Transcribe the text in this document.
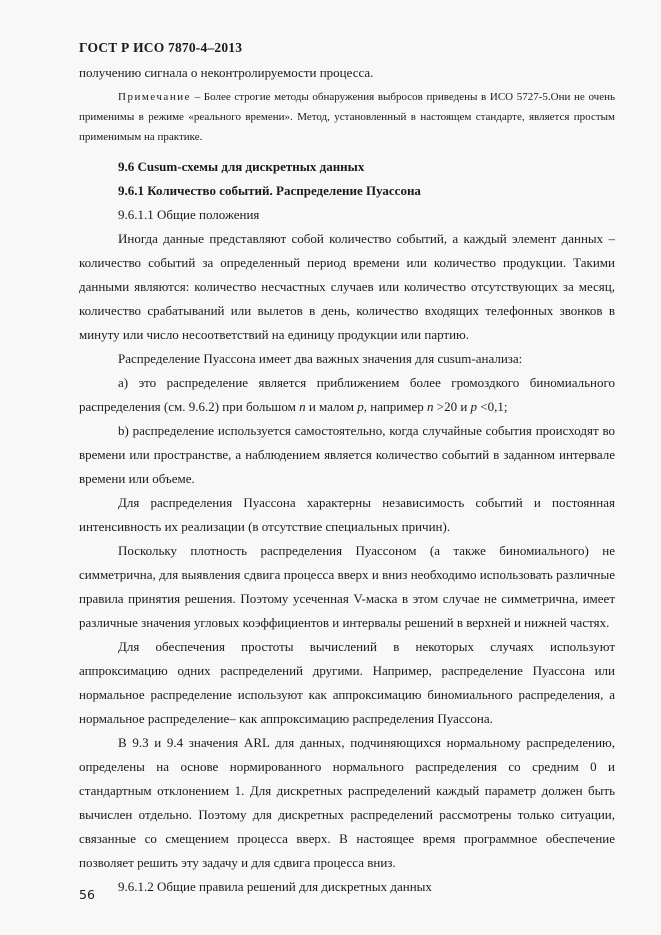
ГОСТ Р ИСО 7870-4–2013

получению сигнала о неконтролируемости процесса.

Примечание – Более строгие методы обнаружения выбросов приведены в ИСО 5727-5.Они не очень применимы в режиме «реального времени». Метод, установленный в настоящем стандарте, является простым применимым на практике.

9.6 Cusum-схемы для дискретных данных

9.6.1 Количество событий. Распределение Пуассона

9.6.1.1 Общие положения

Иногда данные представляют собой количество событий, а каждый элемент данных – количество событий за определенный период времени или количество продукции. Такими данными являются: количество несчастных случаев или количество отсутствующих за месяц, количество срабатываний или вылетов в день, количество входящих телефонных звонков в минуту или число несоответствий на единицу продукции или партию.

Распределение Пуассона имеет два важных значения для cusum-анализа:

а) это распределение является приближением более громоздкого биномиального распределения (см. 9.6.2) при большом n и малом p, например n >20 и p <0,1;

b) распределение используется самостоятельно, когда случайные события происходят во времени или пространстве, а наблюдением является количество событий в заданном интервале времени или объеме.

Для распределения Пуассона характерны независимость событий и постоянная интенсивность их реализации (в отсутствие специальных причин).

Поскольку плотность распределения Пуассоном (а также биномиального) не симметрична, для выявления сдвига процесса вверх и вниз необходимо использовать различные правила принятия решения. Поэтому усеченная V-маска в этом случае не симметрична, имеет различные значения угловых коэффициентов и интервалы решений в верхней и нижней частях.

Для обеспечения простоты вычислений в некоторых случаях используют аппроксимацию одних распределений другими. Например, распределение Пуассона или нормальное распределение используют как аппроксимацию биномиального распределения, а нормальное распределение– как аппроксимацию распределения Пуассона.

В 9.3 и 9.4 значения ARL для данных, подчиняющихся нормальному распределению, определены на основе нормированного нормального распределения со средним 0 и стандартным отклонением 1. Для дискретных распределений каждый параметр должен быть вычислен отдельно. Поэтому для дискретных распределений рассмотрены только ситуации, связанные со смещением процесса вверх. В настоящее время программное обеспечение позволяет решить эту задачу и для сдвига процесса вниз.

9.6.1.2 Общие правила решений для дискретных данных

56
